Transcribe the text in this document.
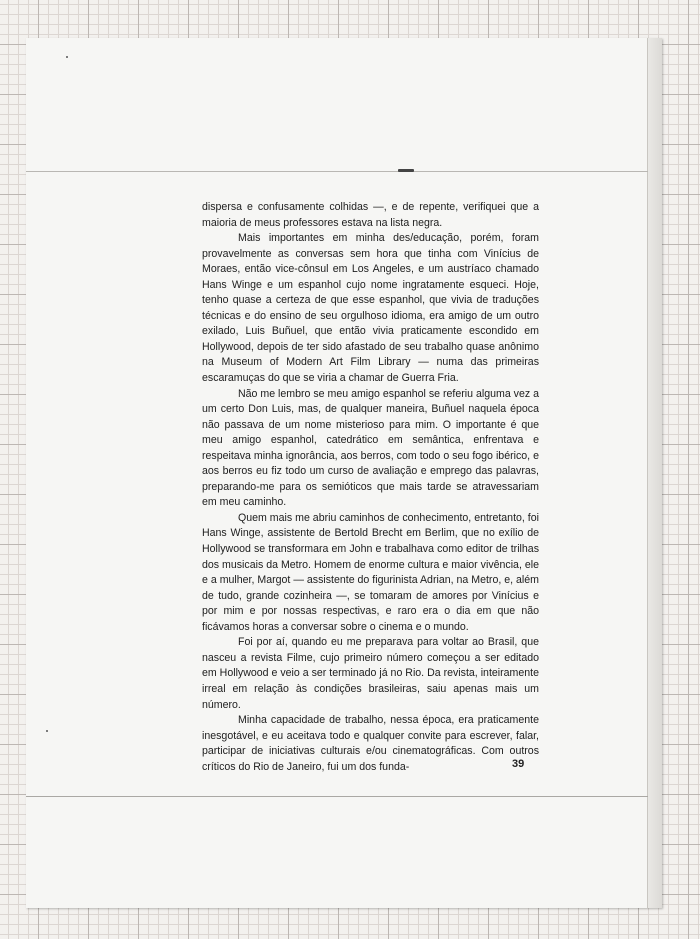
dispersa e confusamente colhidas —, e de repente, verifiquei que a maioria de meus professores estava na lista negra.

Mais importantes em minha des/educação, porém, foram provavelmente as conversas sem hora que tinha com Vinícius de Moraes, então vice-cônsul em Los Angeles, e um austríaco chamado Hans Winge e um espanhol cujo nome ingratamente esqueci. Hoje, tenho quase a certeza de que esse espanhol, que vivia de traduções técnicas e do ensino de seu orgulhoso idioma, era amigo de um outro exilado, Luis Buñuel, que então vivia praticamente escondido em Hollywood, depois de ter sido afastado de seu trabalho quase anônimo na Museum of Modern Art Film Library — numa das primeiras escaramuças do que se viria a chamar de Guerra Fria.

Não me lembro se meu amigo espanhol se referiu alguma vez a um certo Don Luis, mas, de qualquer maneira, Buñuel naquela época não passava de um nome misterioso para mim. O importante é que meu amigo espanhol, catedrático em semântica, enfrentava e respeitava minha ignorância, aos berros, com todo o seu fogo ibérico, e aos berros eu fiz todo um curso de avaliação e emprego das palavras, preparando-me para os semióticos que mais tarde se atravessariam em meu caminho.

Quem mais me abriu caminhos de conhecimento, entretanto, foi Hans Winge, assistente de Bertold Brecht em Berlim, que no exílio de Hollywood se transformara em John e trabalhava como editor de trilhas dos musicais da Metro. Homem de enorme cultura e maior vivência, ele e a mulher, Margot — assistente do figurinista Adrian, na Metro, e, além de tudo, grande cozinheira —, se tomaram de amores por Vinícius e por mim e por nossas respectivas, e raro era o dia em que não ficávamos horas a conversar sobre o cinema e o mundo.

Foi por aí, quando eu me preparava para voltar ao Brasil, que nasceu a revista Filme, cujo primeiro número começou a ser editado em Hollywood e veio a ser terminado já no Rio. Da revista, inteiramente irreal em relação às condições brasileiras, saiu apenas mais um número.

Minha capacidade de trabalho, nessa época, era praticamente inesgotável, e eu aceitava todo e qualquer convite para escrever, falar, participar de iniciativas culturais e/ou cinematográficas. Com outros críticos do Rio de Janeiro, fui um dos funda-	39
